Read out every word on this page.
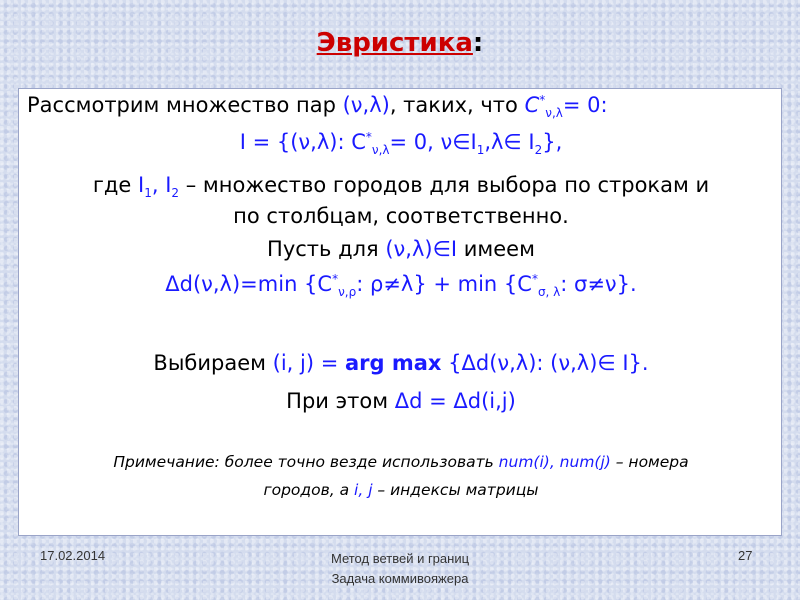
Эвристика:
Рассмотрим множество пар (ν,λ), таких, что $C^*_{\nu,\lambda}= 0$:
I = {(ν,λ): $C^*_{\nu,\lambda}= 0$, $\nu\in I_1,\lambda\in$ $I_2$},
где $I_1$, $I_2$ – множество городов для выбора по строкам и
по столбцам, соответственно.
Пусть для (ν,λ)∈I имеем
Δd(ν,λ)=min {$C^*_{\nu,\rho}$: $\rho\ne\lambda\} + \min \{C^*_{\sigma, \lambda}$: σ≠ν}.
Выбираем (i, j) = arg max {Δd(ν,λ): (ν,λ)∈ I}.
При этом Δd = Δd(i,j)
Примечание: более точно везде использовать num(i), num(j) – номера
городов, а i, j – индексы матрицы
17.02.2014	Метод ветвей и границ
Задача коммивояжера
27
